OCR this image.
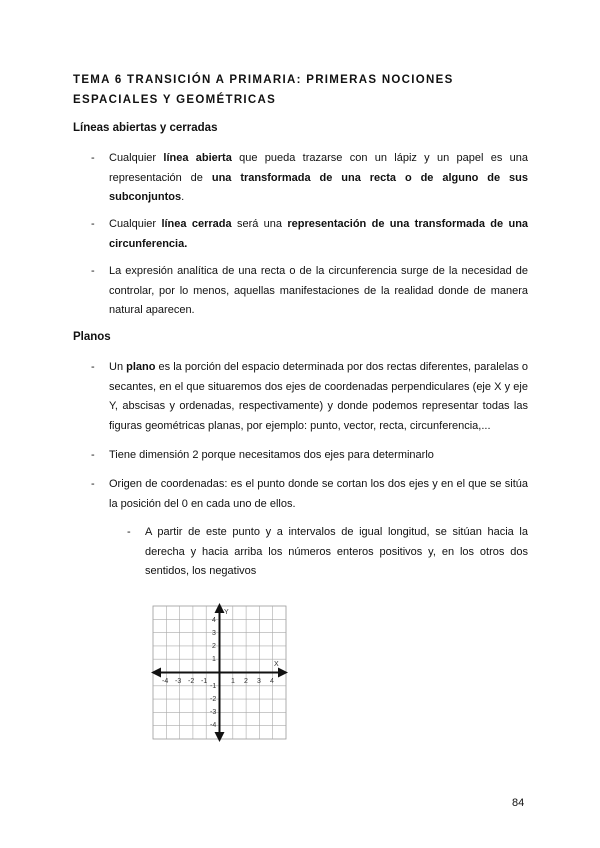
TEMA 6 TRANSICIÓN A PRIMARIA: PRIMERAS NOCIONES ESPACIALES Y GEOMÉTRICAS
Líneas abiertas y cerradas
- Cualquier línea abierta que pueda trazarse con un lápiz y un papel es una representación de una transformada de una recta o de alguno de sus subconjuntos.
- Cualquier línea cerrada será una representación de una transformada de una circunferencia.
- La expresión analítica de una recta o de la circunferencia surge de la necesidad de controlar, por lo menos, aquellas manifestaciones de la realidad donde de manera natural aparecen.
Planos
- Un plano es la porción del espacio determinada por dos rectas diferentes, paralelas o secantes, en el que situaremos dos ejes de coordenadas perpendiculares (eje X y eje Y, abscisas y ordenadas, respectivamente) y donde podemos representar todas las figuras geométricas planas, por ejemplo: punto, vector, recta, circunferencia,...
- Tiene dimensión 2 porque necesitamos dos ejes para determinarlo
- Origen de coordenadas: es el punto donde se cortan los dos ejes y en el que se sitúa la posición del 0 en cada uno de ellos.
- A partir de este punto y a intervalos de igual longitud, se sitúan hacia la derecha y hacia arriba los números enteros positivos y, en los otros dos sentidos, los negativos
X
Y
-4 -3 -2 -1	1 2 3 4
4
3
2
1
-1
-2
-3
-4
84
